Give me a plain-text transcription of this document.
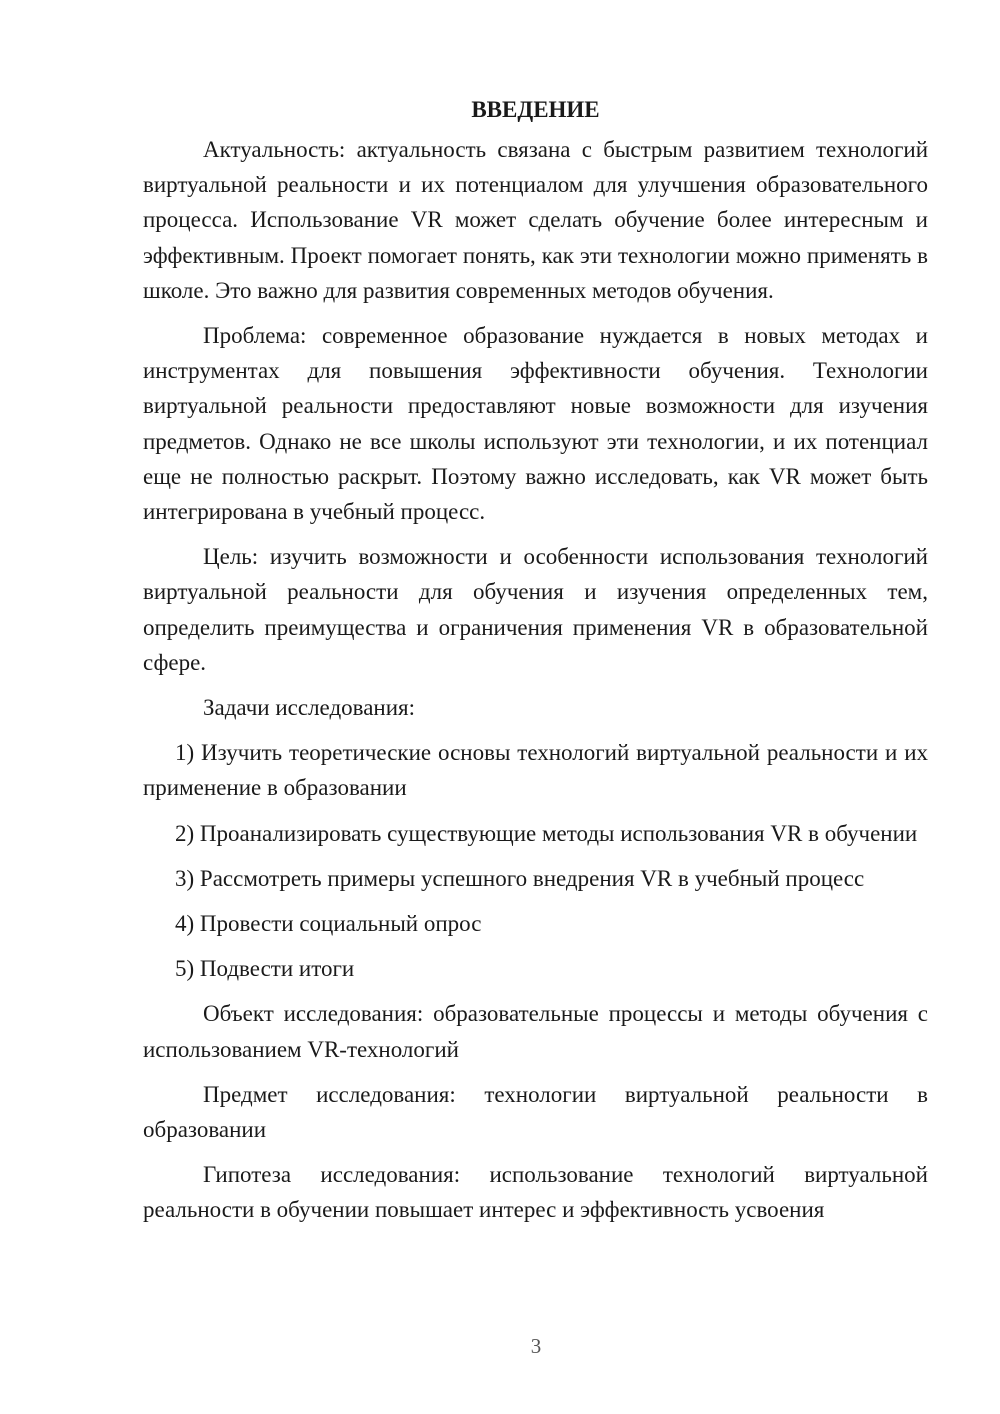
ВВЕДЕНИЕ

Актуальность: актуальность связана с быстрым развитием технологий виртуальной реальности и их потенциалом для улучшения образовательного процесса. Использование VR может сделать обучение более интересным и эффективным. Проект помогает понять, как эти технологии можно применять в школе. Это важно для развития современных методов обучения.

Проблема: современное образование нуждается в новых методах и инструментах для повышения эффективности обучения. Технологии виртуальной реальности предоставляют новые возможности для изучения предметов. Однако не все школы используют эти технологии, и их потенциал еще не полностью раскрыт. Поэтому важно исследовать, как VR может быть интегрирована в учебный процесс.

Цель: изучить возможности и особенности использования технологий виртуальной реальности для обучения и изучения определенных тем, определить преимущества и ограничения применения VR в образовательной сфере.

Задачи исследования:

1) Изучить теоретические основы технологий виртуальной реальности и их применение в образовании

2) Проанализировать существующие методы использования VR в обучении

3) Рассмотреть примеры успешного внедрения VR в учебный процесс

4) Провести социальный опрос

5) Подвести итоги

Объект исследования: образовательные процессы и методы обучения с использованием VR-технологий

Предмет исследования: технологии виртуальной реальности в образовании

Гипотеза исследования: использование технологий виртуальной реальности в обучении повышает интерес и эффективность усвоения

3
